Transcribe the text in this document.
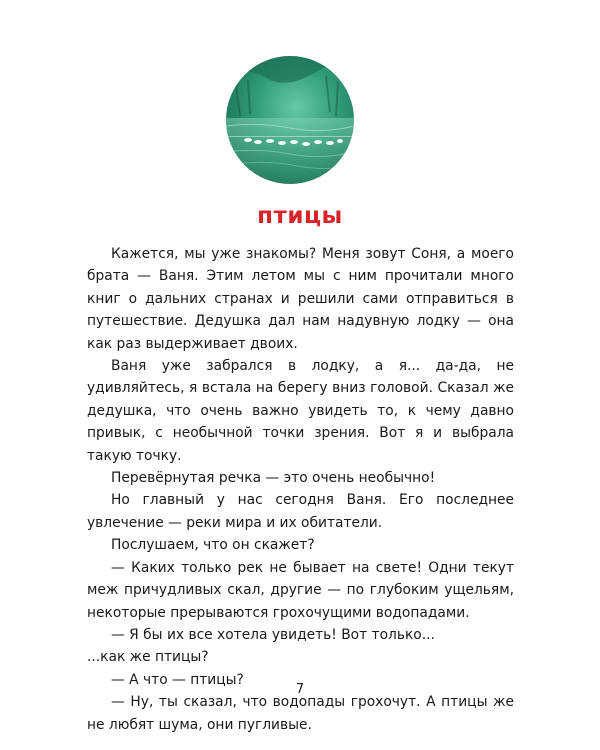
птицы

Кажется, мы уже знакомы? Меня зовут Соня, а моего брата — Ваня. Этим летом мы с ним прочитали много книг о дальних странах и решили сами отправиться в путешествие. Дедушка дал нам надувную лодку — она как раз выдерживает двоих.

Ваня уже забрался в лодку, а я... да-да, не удивляйтесь, я встала на берегу вниз головой. Сказал же дедушка, что очень важно увидеть то, к чему давно привык, с необычной точки зрения. Вот я и выбрала такую точку.

Перевёрнутая речка — это очень необычно!

Но главный у нас сегодня Ваня. Его последнее увлечение — реки мира и их обитатели.

Послушаем, что он скажет?

— Каких только рек не бывает на свете! Одни текут меж причудливых скал, другие — по глубоким ущельям, некоторые прерываются грохочущими водопадами.

— Я бы их все хотела увидеть! Вот только...

...как же птицы?

— А что — птицы?

— Ну, ты сказал, что водопады грохочут. А птицы же не любят шума, они пугливые.

7
